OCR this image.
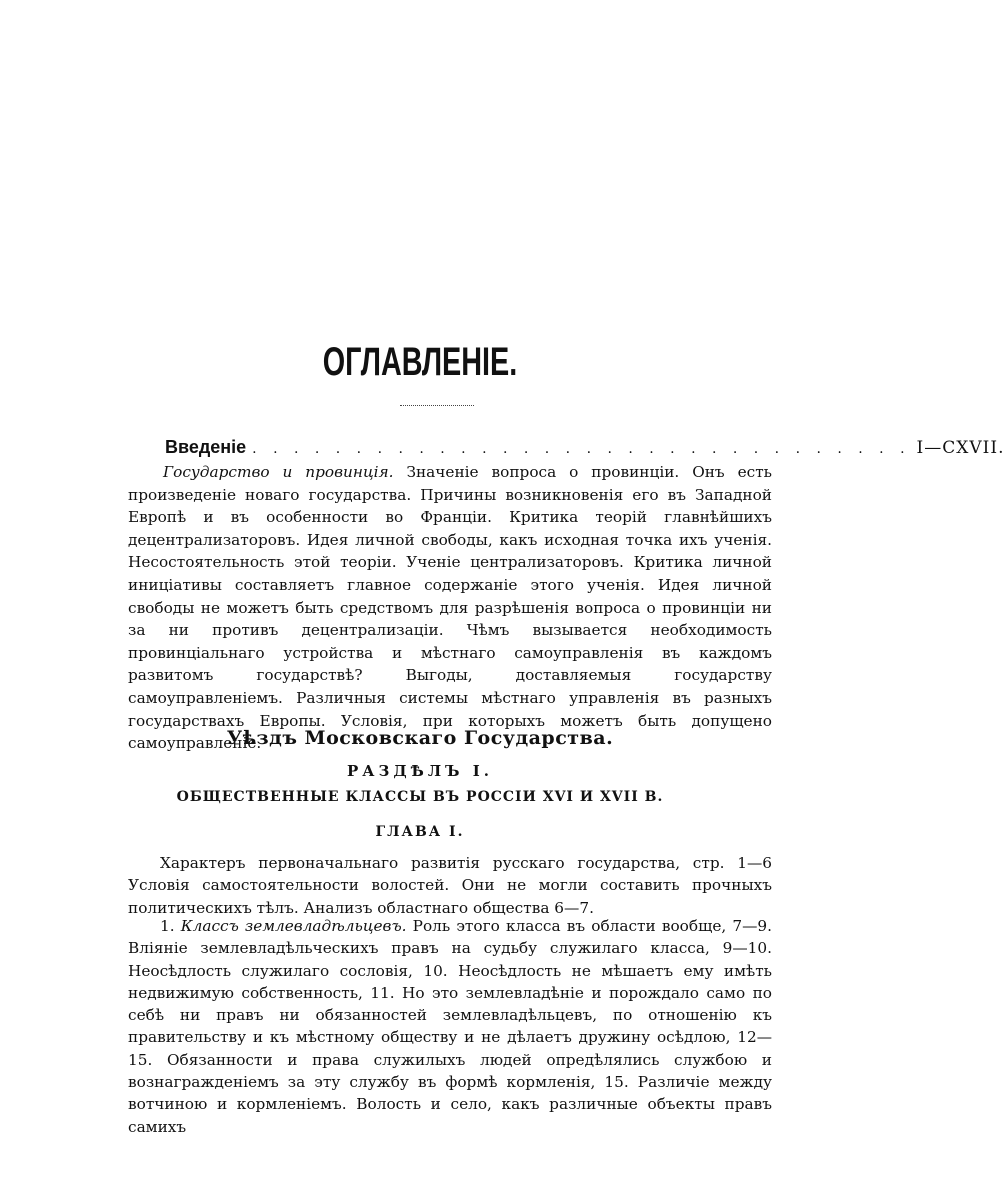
ОГЛАВЛЕНІЕ.
Введеніе . . . . . . . . . . . . . . . . . . . . . . . . . . . . . . . . I—CXVII.

Государство и провинція. Значеніе вопроса о провинціи. Онъ есть произведеніе новаго государства. Причины возникновенія его въ Западной Европѣ и въ особенности во Франціи. Критика теорій главнѣйшихъ децентрализаторовъ. Идея личной свободы, какъ исходная точка ихъ ученія. Несостоятельность этой теоріи. Ученіе централизаторовъ. Критика личной иниціативы составляетъ главное содержаніе этого ученія. Идея личной свободы не можетъ быть средствомъ для разрѣшенія вопроса о провинціи ни за ни противъ децентрализаціи. Чѣмъ вызывается необходимость провинціальнаго устройства и мѣстнаго самоуправленія въ каждомъ развитомъ государствѣ? Выгоды, доставляемыя государству самоуправленіемъ. Различныя системы мѣстнаго управленія въ разныхъ государствахъ Европы. Условія, при которыхъ можетъ быть допущено самоуправленіе.

Уѣздъ Московскаго Государства.
РАЗДѢЛЪ I.
ОБЩЕСТВЕННЫЕ КЛАССЫ ВЪ РОССІИ XVI И XVII В.
ГЛАВА I.

Характеръ первоначальнаго развитія русскаго государства, стр. 1—6 Условія самостоятельности волостей. Они не могли составить прочныхъ политическихъ тѣлъ. Анализъ областнаго общества 6—7.

1. Классъ землевладѣльцевъ. Роль этого класса въ области вообще, 7—9. Вліяніе землевладѣльческихъ правъ на судьбу служилаго класса, 9—10. Неосѣдлость служилаго сословія, 10. Неосѣдлость не мѣшаетъ ему имѣть недвижимую собственность, 11. Но это землевладѣніе и порождало само по себѣ ни правъ ни обязанностей землевладѣльцевъ, по отношенію къ правительству и къ мѣстному обществу и не дѣлаетъ дружину осѣдлою, 12—15. Обязанности и права служилыхъ людей опредѣлялись службою и вознагражденіемъ за эту службу въ формѣ кормленія, 15. Различіе между вотчиною и кормленіемъ. Волость и село, какъ различные объекты правъ самихъ
